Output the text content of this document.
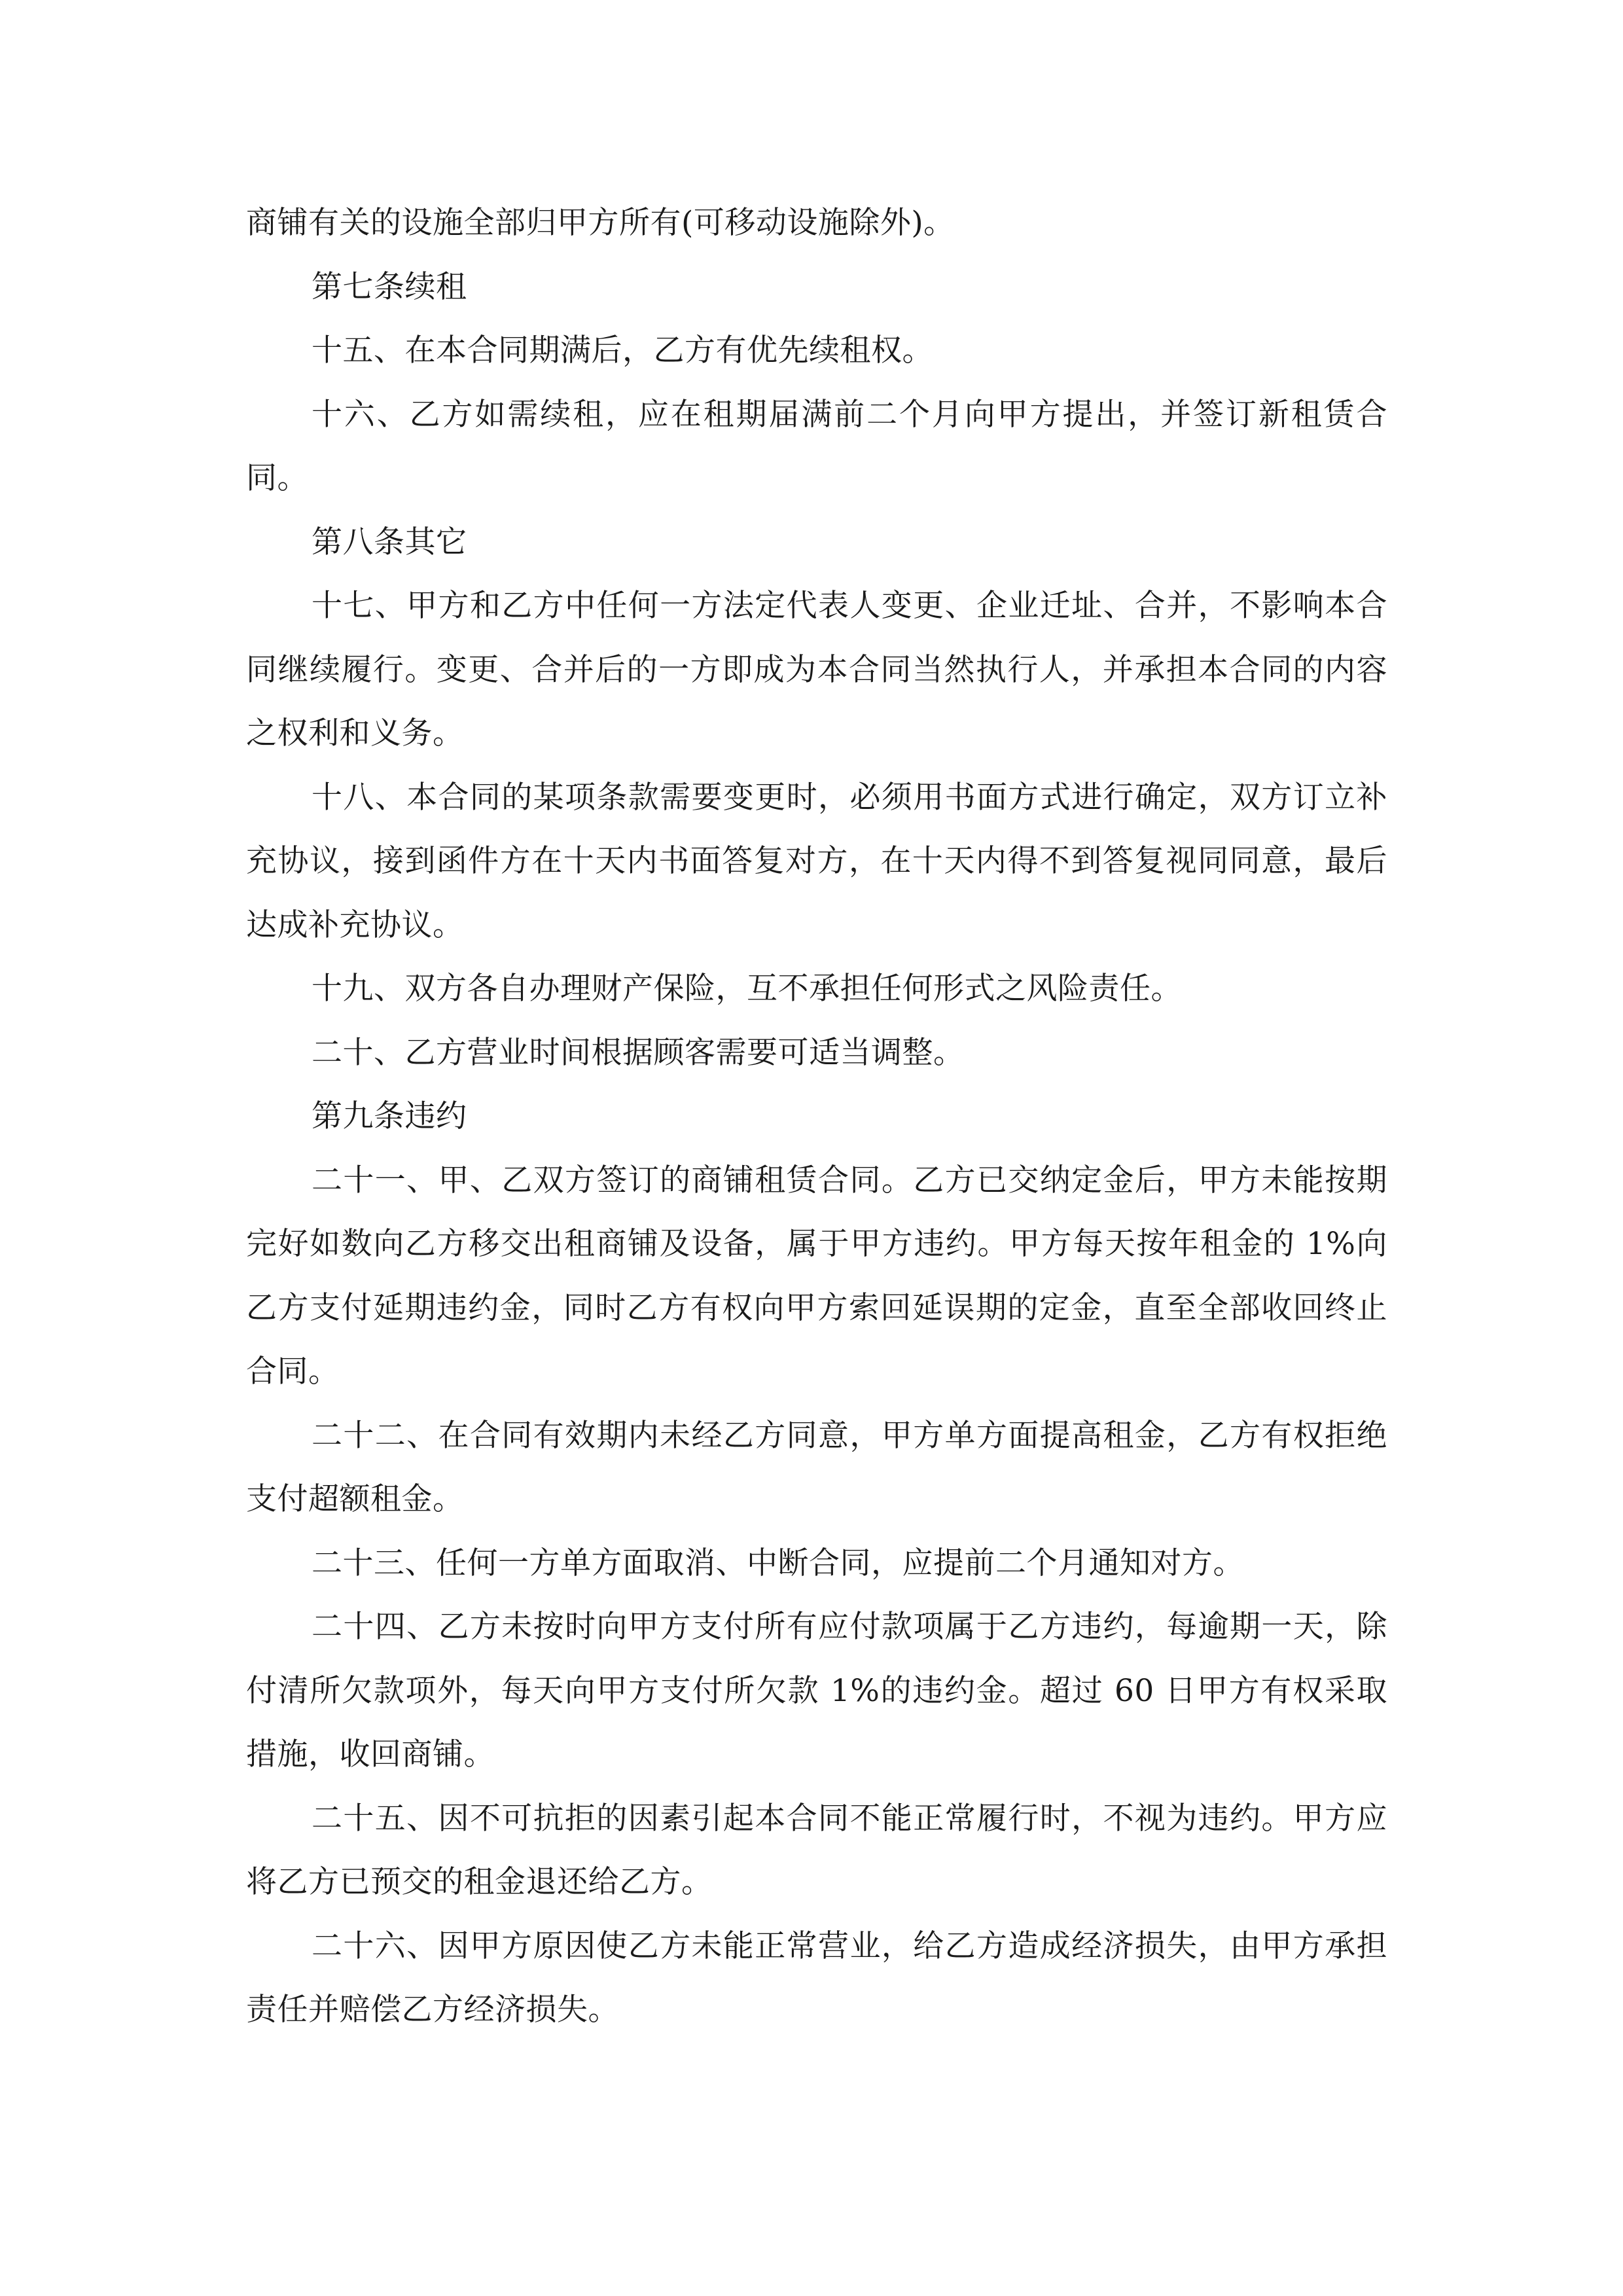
商铺有关的设施全部归甲方所有(可移动设施除外)。

第七条续租

十五、在本合同期满后，乙方有优先续租权。

十六、乙方如需续租，应在租期届满前二个月向甲方提出，并签订新租赁合同。

第八条其它

十七、甲方和乙方中任何一方法定代表人变更、企业迁址、合并，不影响本合同继续履行。变更、合并后的一方即成为本合同当然执行人，并承担本合同的内容之权利和义务。

十八、本合同的某项条款需要变更时，必须用书面方式进行确定，双方订立补充协议，接到函件方在十天内书面答复对方，在十天内得不到答复视同同意，最后达成补充协议。

十九、双方各自办理财产保险，互不承担任何形式之风险责任。

二十、乙方营业时间根据顾客需要可适当调整。

第九条违约

二十一、甲、乙双方签订的商铺租赁合同。乙方已交纳定金后，甲方未能按期完好如数向乙方移交出租商铺及设备，属于甲方违约。甲方每天按年租金的 1%向乙方支付延期违约金，同时乙方有权向甲方索回延误期的定金，直至全部收回终止合同。

二十二、在合同有效期内未经乙方同意，甲方单方面提高租金，乙方有权拒绝支付超额租金。

二十三、任何一方单方面取消、中断合同，应提前二个月通知对方。

二十四、乙方未按时向甲方支付所有应付款项属于乙方违约，每逾期一天，除付清所欠款项外，每天向甲方支付所欠款 1%的违约金。超过 60 日甲方有权采取措施，收回商铺。

二十五、因不可抗拒的因素引起本合同不能正常履行时，不视为违约。甲方应将乙方已预交的租金退还给乙方。

二十六、因甲方原因使乙方未能正常营业，给乙方造成经济损失，由甲方承担责任并赔偿乙方经济损失。
